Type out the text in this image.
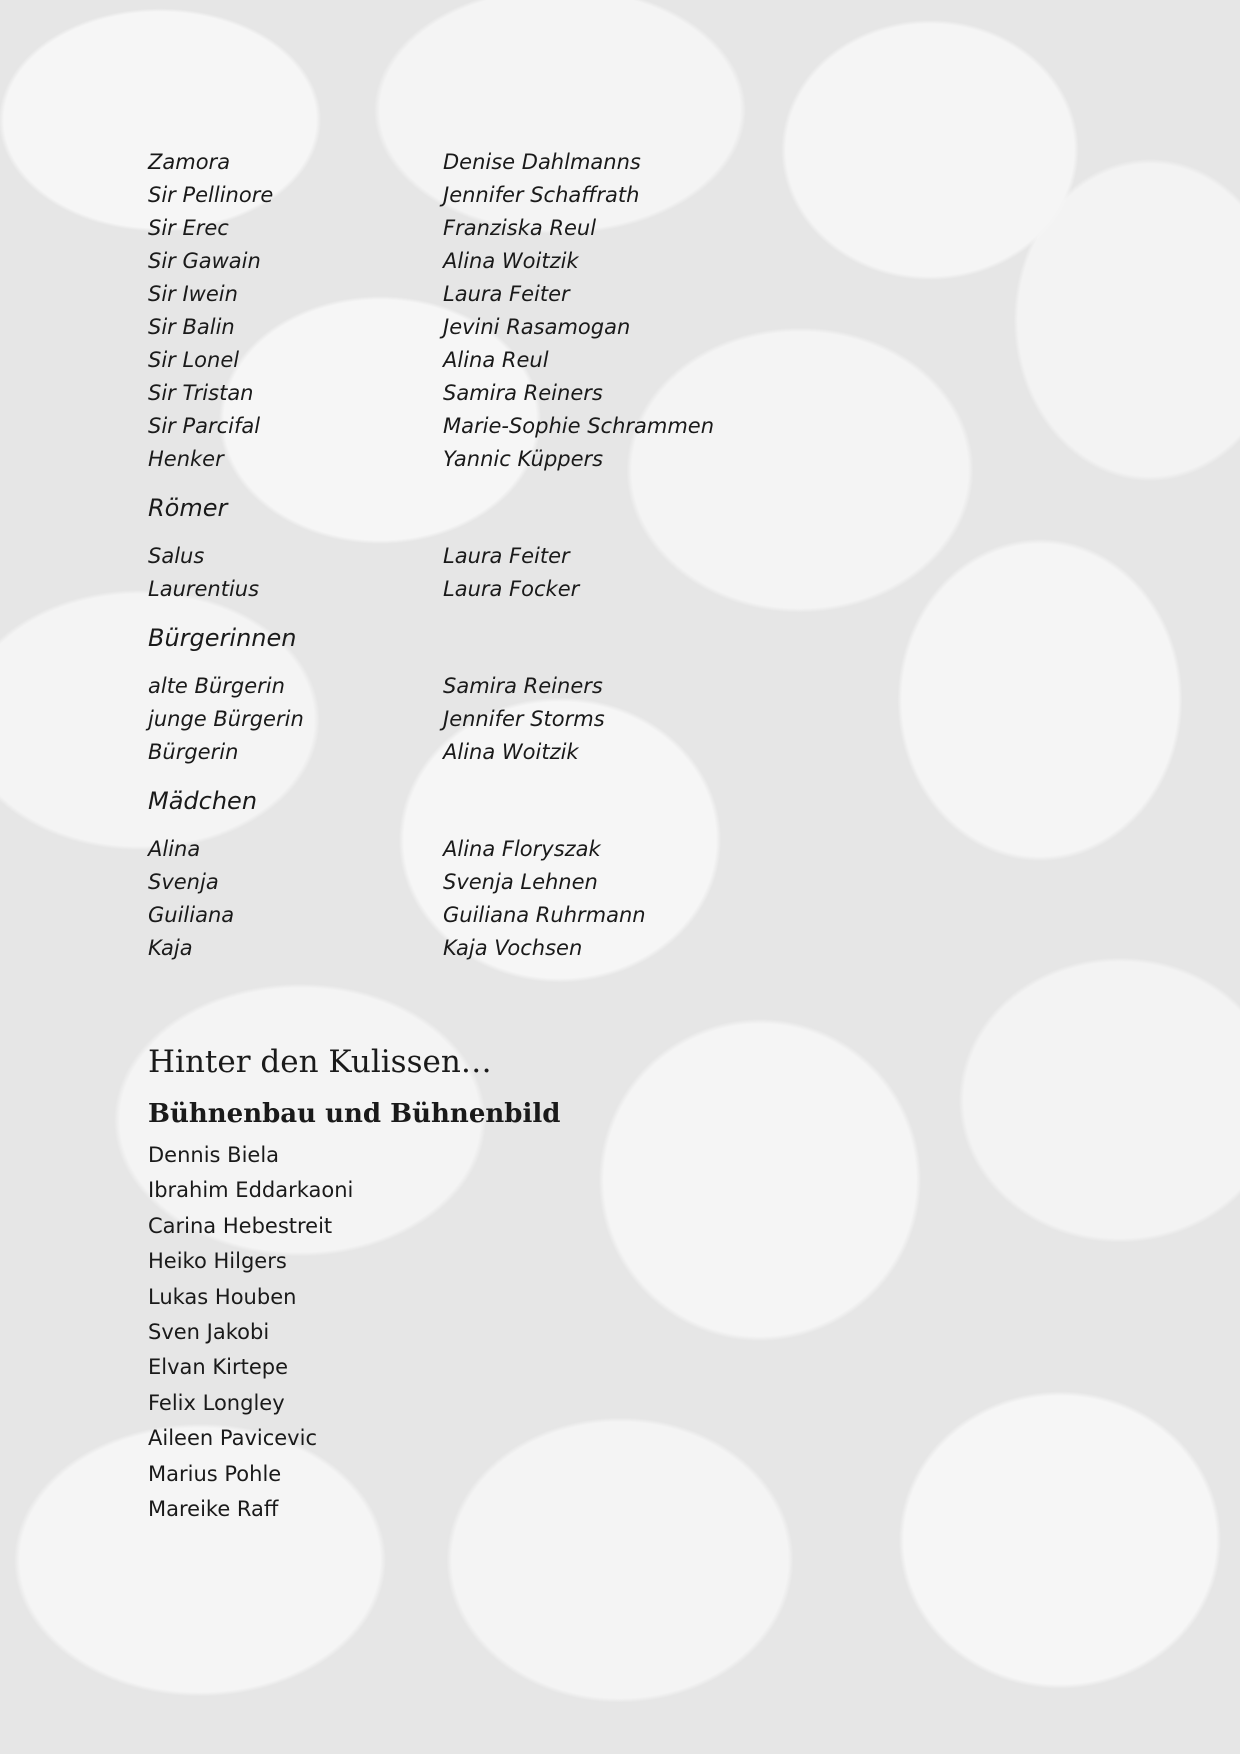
Zamora	Denise Dahlmanns
Sir Pellinore	Jennifer Schaffrath
Sir Erec	Franziska Reul
Sir Gawain	Alina Woitzik
Sir Iwein	Laura Feiter
Sir Balin	Jevini Rasamogan
Sir Lonel	Alina Reul
Sir Tristan	Samira Reiners
Sir Parcifal	Marie-Sophie Schrammen
Henker	Yannic Küppers
Römer
Salus	Laura Feiter
Laurentius	Laura Focker
Bürgerinnen
alte Bürgerin	Samira Reiners
junge Bürgerin	Jennifer Storms
Bürgerin	Alina Woitzik
Mädchen
Alina	Alina Floryszak
Svenja	Svenja Lehnen
Guiliana	Guiliana Ruhrmann
Kaja	Kaja Vochsen
Hinter den Kulissen…
Bühnenbau und Bühnenbild
Dennis Biela
Ibrahim Eddarkaoni
Carina Hebestreit
Heiko Hilgers
Lukas Houben
Sven Jakobi
Elvan Kirtepe
Felix Longley
Aileen Pavicevic
Marius Pohle
Mareike Raff
